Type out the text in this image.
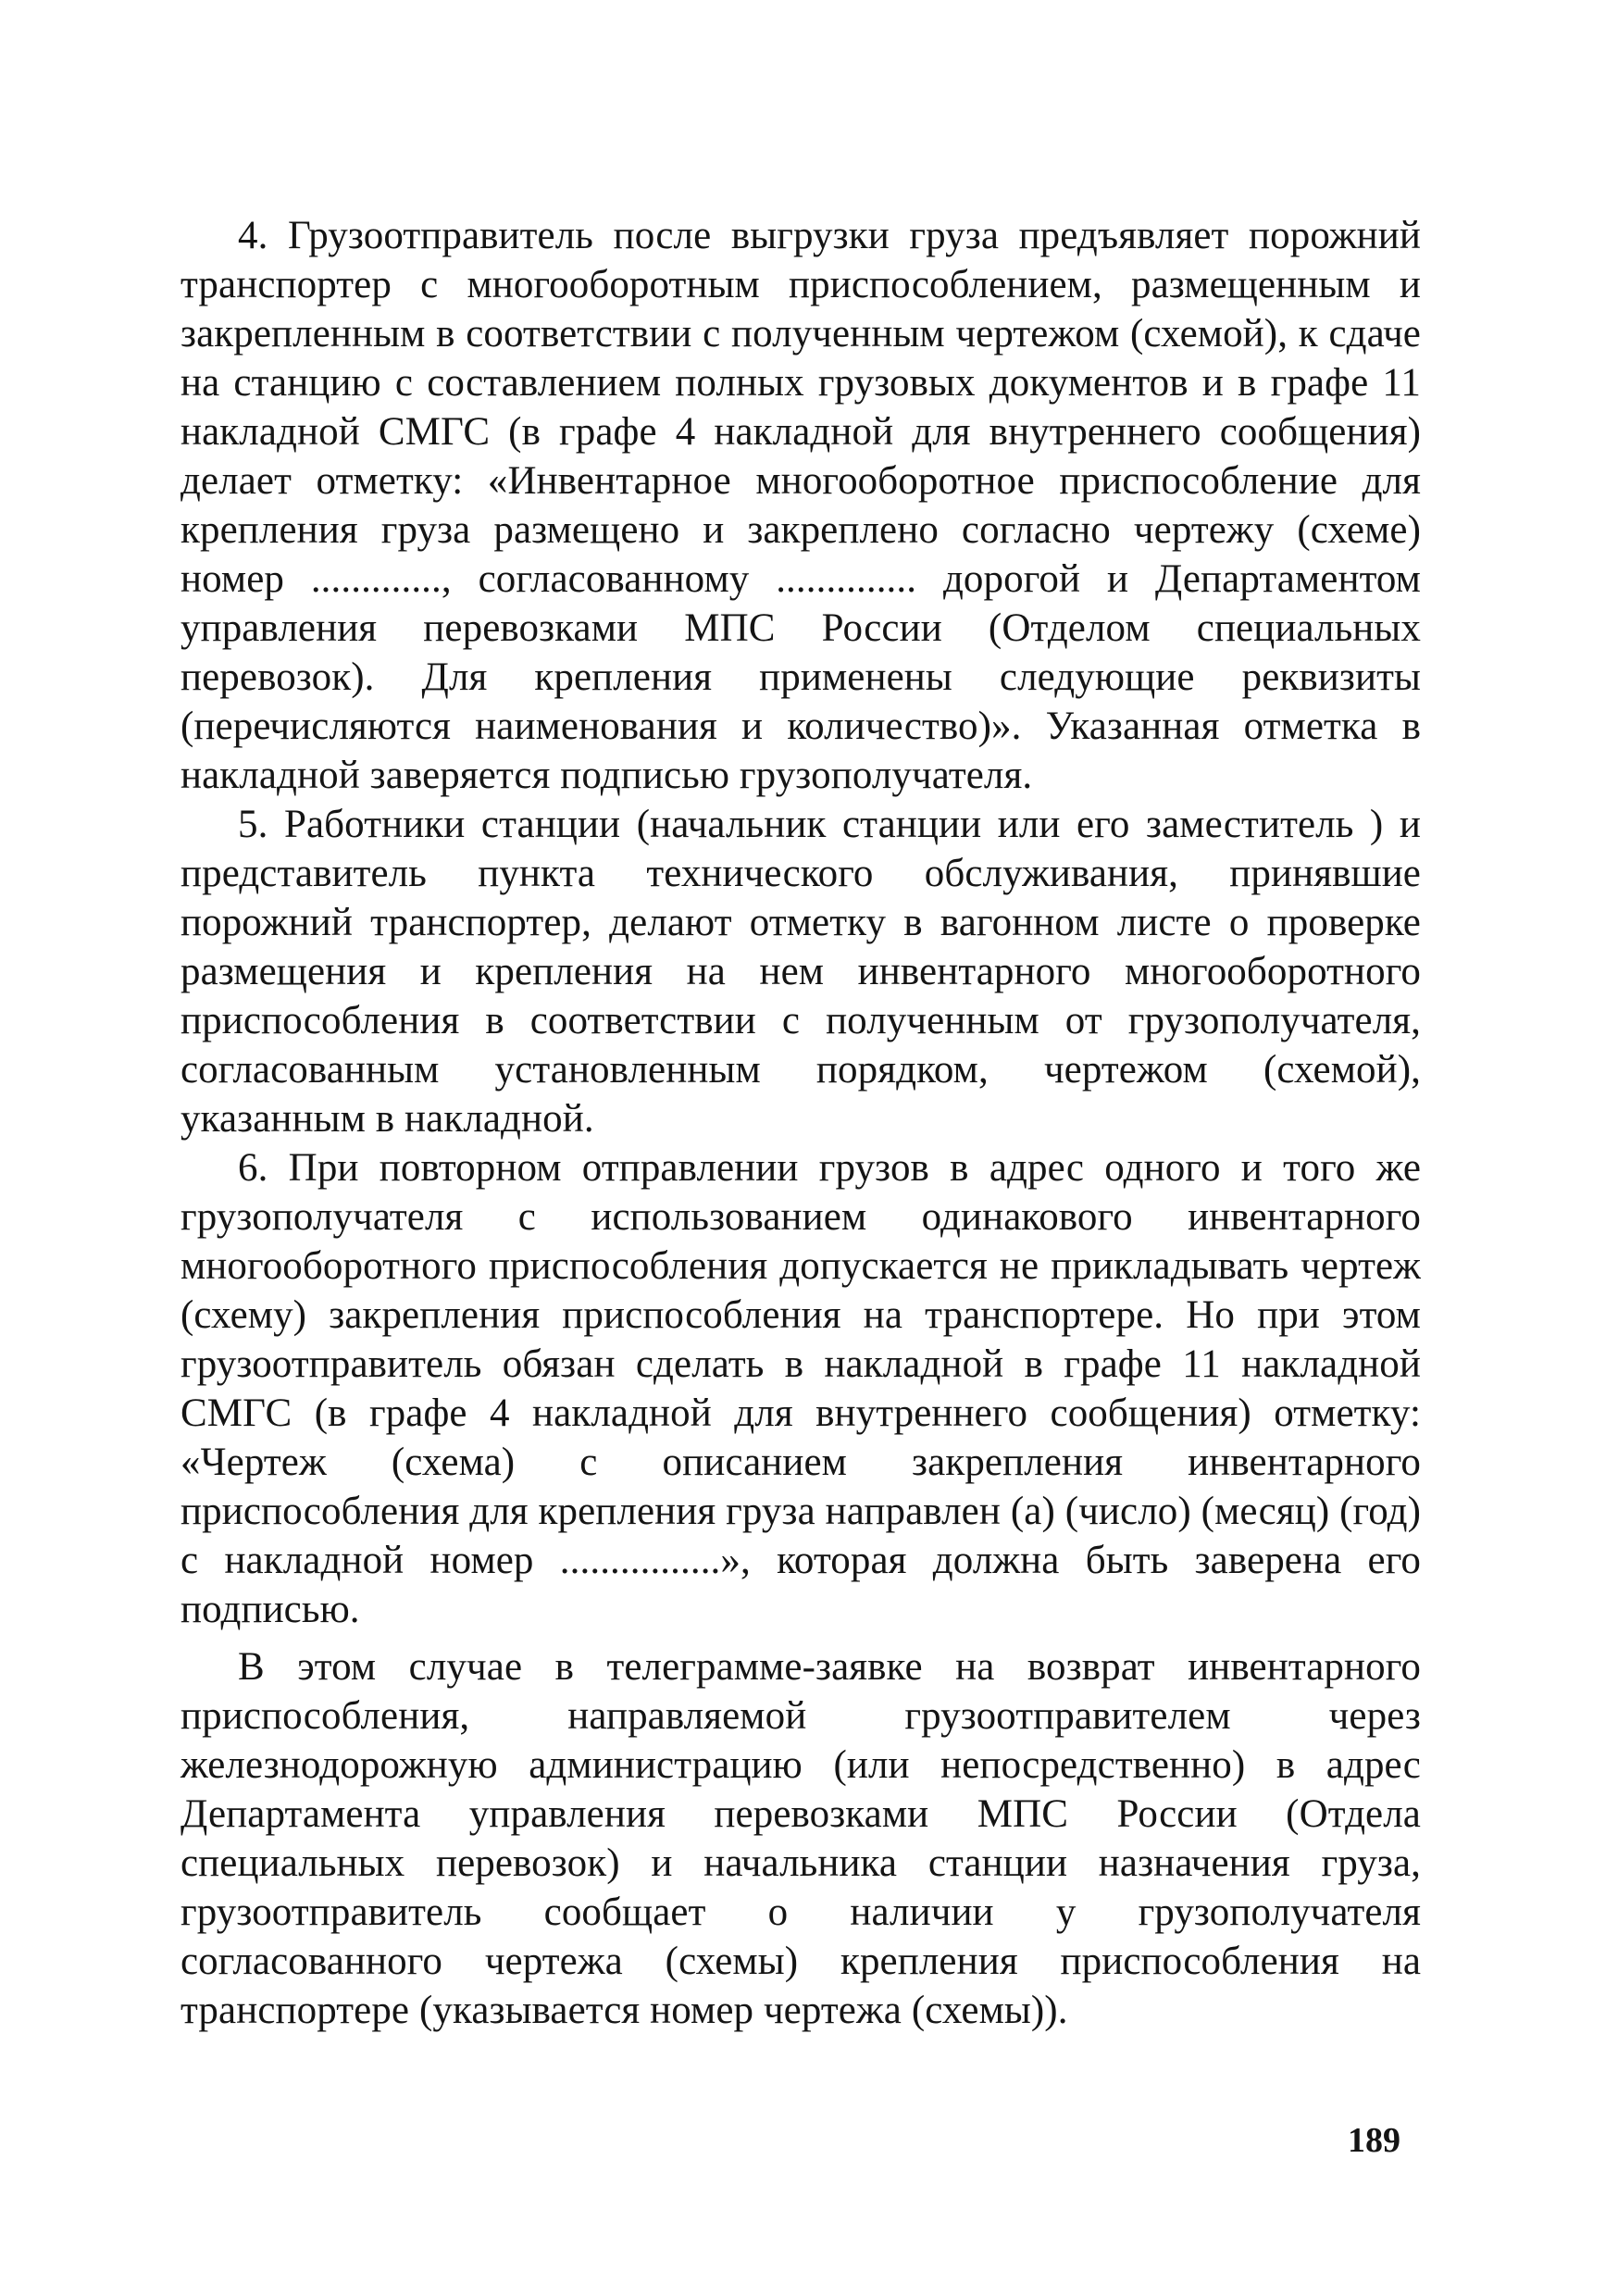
4. Грузоотправитель после выгрузки груза предъявляет порожний транспортер с многооборотным приспособлением, размещенным и закрепленным в соответствии с полученным чертежом (схемой), к сдаче на станцию с составлением полных грузовых документов и в графе 11 накладной СМГС (в графе 4 накладной для внутреннего сообщения) делает отметку: «Инвентарное многооборотное приспособление для крепления груза размещено и закреплено согласно чертежу (схеме) номер ............., согласованному .............. дорогой и Департаментом управления перевозками МПС России (Отделом специальных перевозок). Для крепления применены следующие реквизиты (перечисляются наименования и количество)». Указанная отметка в накладной заверяется подписью грузополучателя.

5. Работники станции (начальник станции или его заместитель ) и представитель пункта технического обслуживания, принявшие порожний транспортер, делают отметку в вагонном листе о проверке размещения и крепления на нем инвентарного многооборотного приспособления в соответствии с полученным от грузополучателя, согласованным установленным порядком, чертежом (схемой), указанным в накладной.

6. При повторном отправлении грузов в адрес одного и того же грузополучателя с использованием одинакового инвентарного многооборотного приспособления допускается не прикладывать чертеж (схему) закрепления приспособления на транспортере. Но при этом грузоотправитель обязан сделать в накладной в графе 11 накладной СМГС (в графе 4 накладной для внутреннего сообщения) отметку: «Чертеж (схема) с описанием закрепления инвентарного приспособления для крепления груза направлен (а) (число) (месяц) (год) с накладной номер ................», которая должна быть заверена его подписью.

В этом случае в телеграмме-заявке на возврат инвентарного приспособления, направляемой грузоотправителем через железнодорожную администрацию (или непосредственно) в адрес Департамента управления перевозками МПС России (Отдела специальных перевозок) и начальника станции назначения груза, грузоотправитель сообщает о наличии у грузополучателя согласованного чертежа (схемы) крепления приспособления на транспортере (указывается номер чертежа (схемы)).

189
